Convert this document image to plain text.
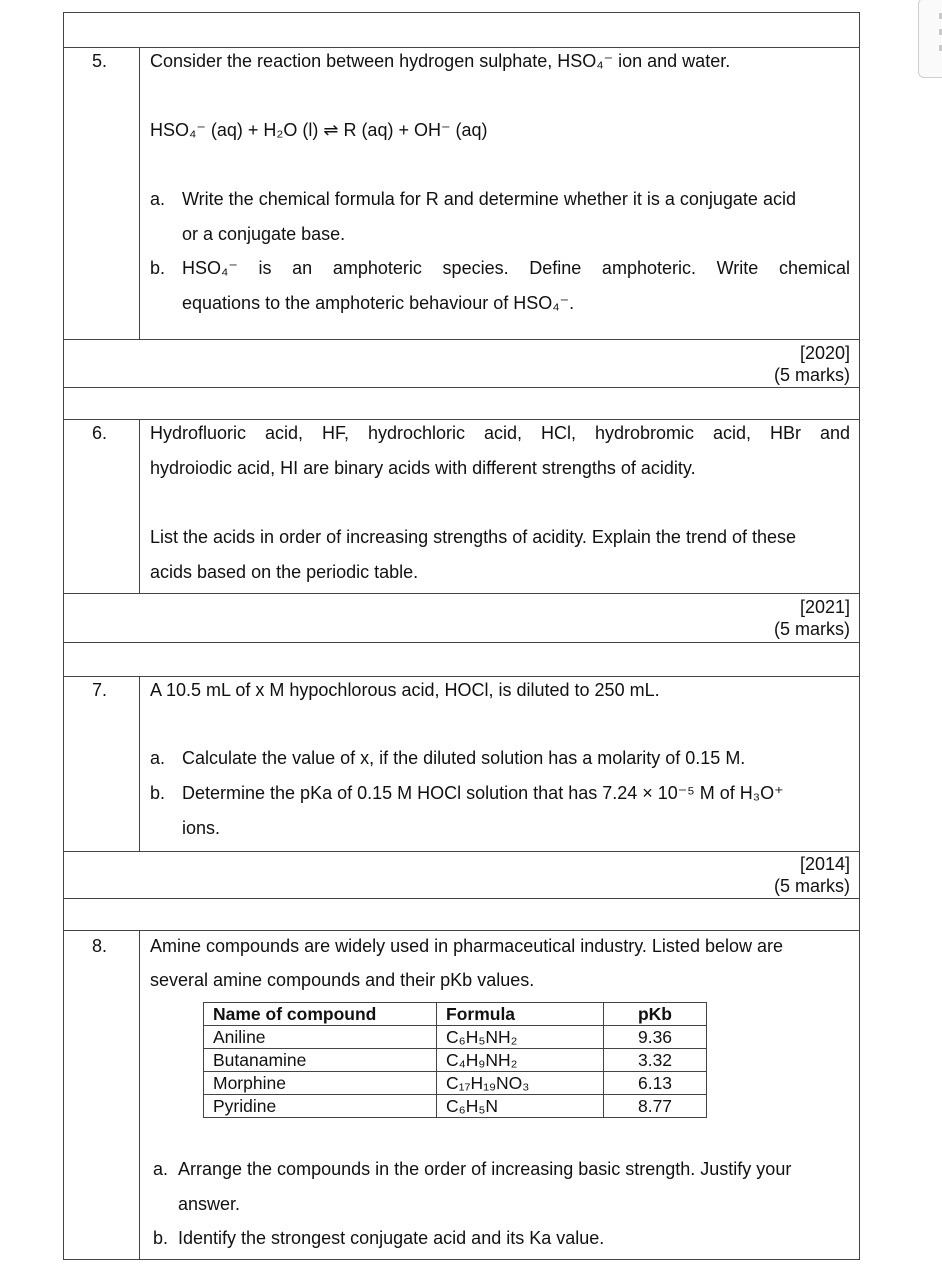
5. Consider the reaction between hydrogen sulphate, HSO₄⁻ ion and water.
HSO₄⁻ (aq) + H₂O (l) ⇌ R (aq) + OH⁻ (aq)
a. Write the chemical formula for R and determine whether it is a conjugate acid
or a conjugate base.
b. HSO₄⁻ is an amphoteric species. Define amphoteric. Write chemical
equations to the amphoteric behaviour of HSO₄⁻.
[2020]
(5 marks)
6. Hydrofluoric acid, HF, hydrochloric acid, HCl, hydrobromic acid, HBr and
hydroiodic acid, HI are binary acids with different strengths of acidity.
List the acids in order of increasing strengths of acidity. Explain the trend of these
acids based on the periodic table.
[2021]
(5 marks)
7. A 10.5 mL of x M hypochlorous acid, HOCl, is diluted to 250 mL.
a. Calculate the value of x, if the diluted solution has a molarity of 0.15 M.
b. Determine the pKa of 0.15 M HOCl solution that has 7.24 × 10⁻⁵ M of H₃O⁺
ions.
[2014]
(5 marks)
8. Amine compounds are widely used in pharmaceutical industry. Listed below are
several amine compounds and their pKb values.
Name of compound	Formula	pKb
Aniline	C₆H₅NH₂	9.36
Butanamine	C₄H₉NH₂	3.32
Morphine	C₁₇H₁₉NO₃	6.13
Pyridine	C₆H₅N	8.77
a. Arrange the compounds in the order of increasing basic strength. Justify your
answer.
b. Identify the strongest conjugate acid and its Ka value.
